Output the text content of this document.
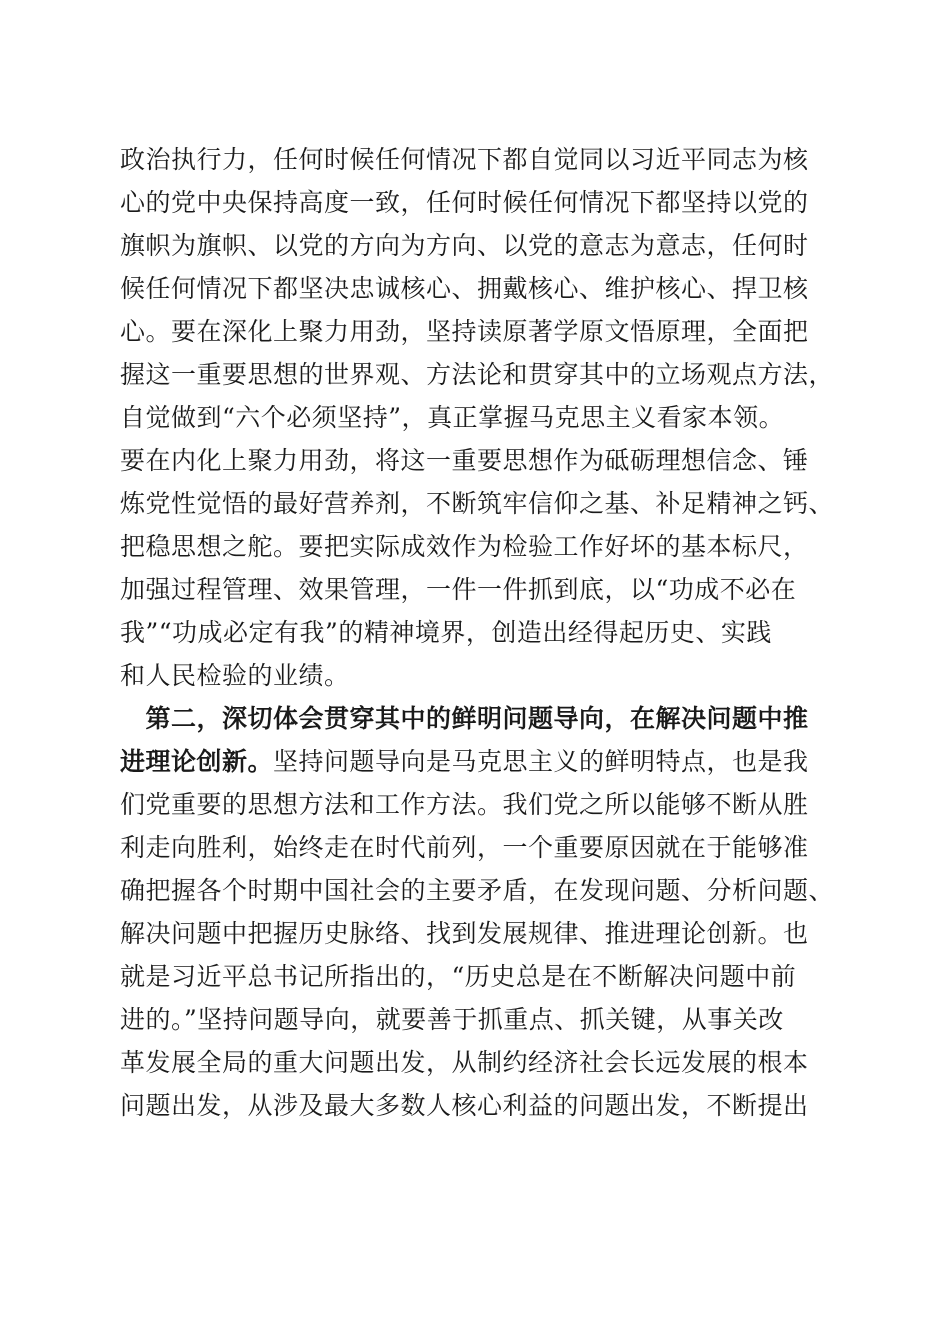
政治执行力，任何时候任何情况下都自觉同以习近平同志为核
心的党中央保持高度一致，任何时候任何情况下都坚持以党的
旗帜为旗帜、以党的方向为方向、以党的意志为意志，任何时
候任何情况下都坚决忠诚核心、拥戴核心、维护核心、捍卫核
心。要在深化上聚力用劲，坚持读原著学原文悟原理，全面把
握这一重要思想的世界观、方法论和贯穿其中的立场观点方法，
自觉做到“六个必须坚持”，真正掌握马克思主义看家本领。
要在内化上聚力用劲，将这一重要思想作为砥砺理想信念、锤
炼党性觉悟的最好营养剂，不断筑牢信仰之基、补足精神之钙、
把稳思想之舵。要把实际成效作为检验工作好坏的基本标尺，
加强过程管理、效果管理，一件一件抓到底，以“功成不必在
我”“功成必定有我”的精神境界，创造出经得起历史、实践
和人民检验的业绩。
　第二，深切体会贯穿其中的鲜明问题导向，在解决问题中推
进理论创新。坚持问题导向是马克思主义的鲜明特点，也是我
们党重要的思想方法和工作方法。我们党之所以能够不断从胜
利走向胜利，始终走在时代前列，一个重要原因就在于能够准
确把握各个时期中国社会的主要矛盾，在发现问题、分析问题、
解决问题中把握历史脉络、找到发展规律、推进理论创新。也
就是习近平总书记所指出的，“历史总是在不断解决问题中前
进的。”坚持问题导向，就要善于抓重点、抓关键，从事关改
革发展全局的重大问题出发，从制约经济社会长远发展的根本
问题出发，从涉及最大多数人核心利益的问题出发，不断提出
